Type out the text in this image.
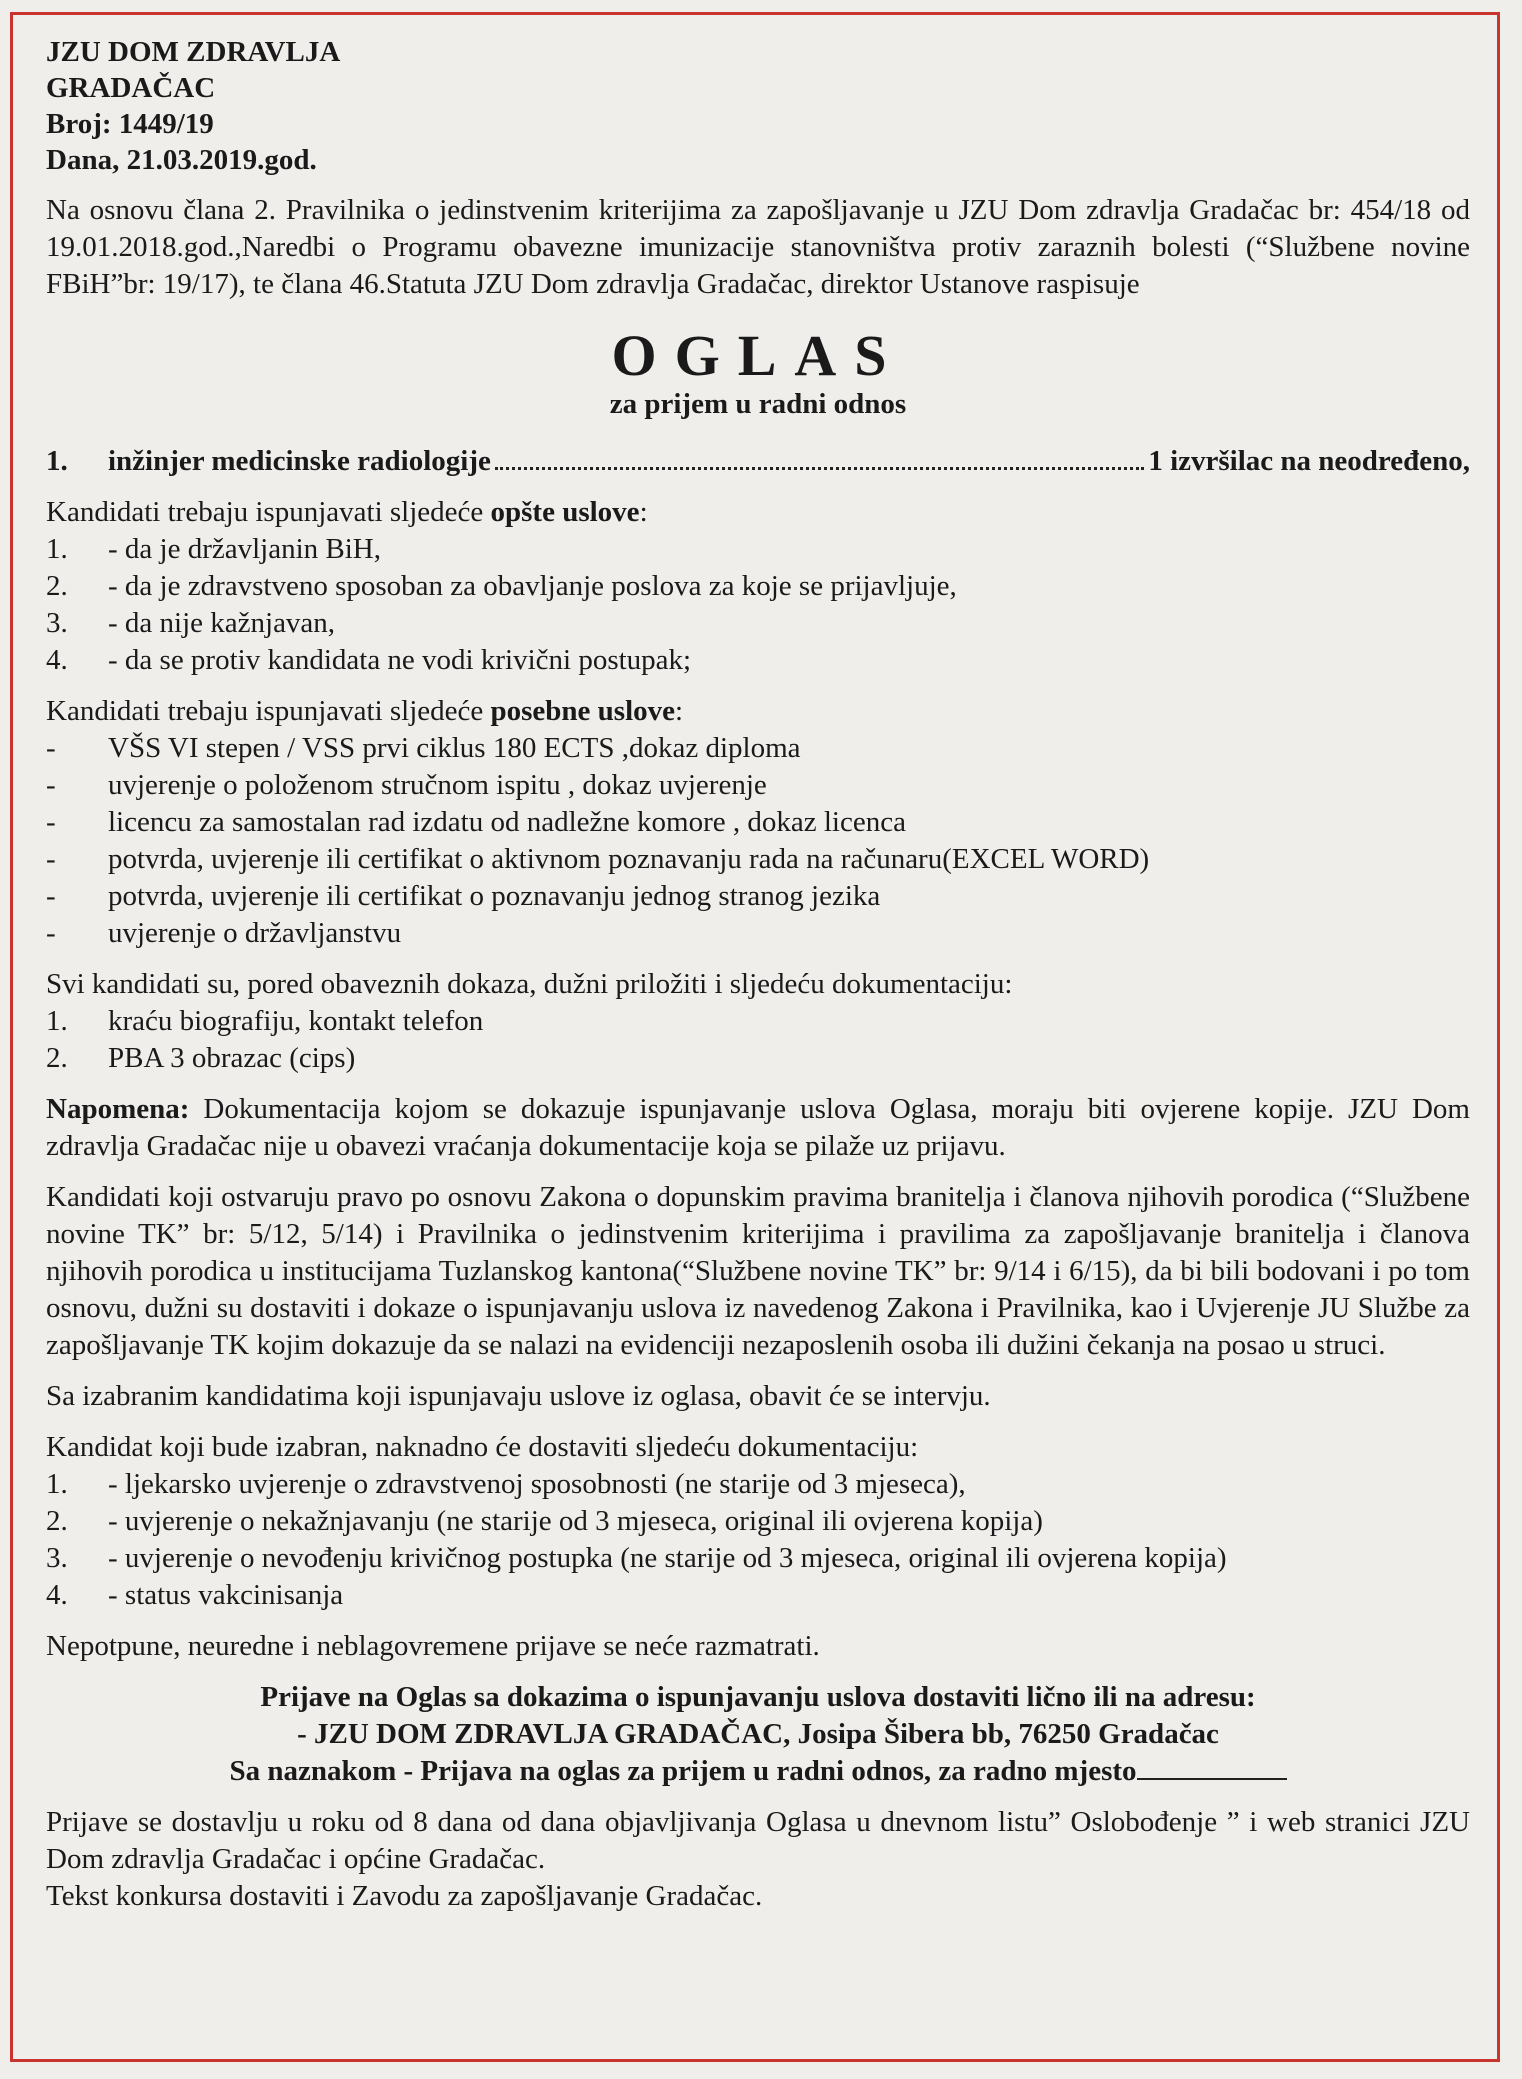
JZU DOM ZDRAVLJA
GRADAČAC
Broj: 1449/19
Dana, 21.03.2019.god.

Na osnovu člana 2. Pravilnika o jedinstvenim kriterijima za zapošljavanje u JZU Dom zdravlja Gradačac br: 454/18 od 19.01.2018.god.,Naredbi o Programu obavezne imunizacije stanovništva protiv zaraznih bolesti (“Službene novine FBiH”br: 19/17), te člana 46.Statuta JZU Dom zdravlja Gradačac, direktor Ustanove raspisuje

OGLAS
za prijem u radni odnos
1.	inžinjer medicinske radiologije	1 izvršilac na neodređeno,

Kandidati trebaju ispunjavati sljedeće opšte uslove:

1.	- da je državljanin BiH,
2.	- da je zdravstveno sposoban za obavljanje poslova za koje se prijavljuje,
3.	- da nije kažnjavan,
4.	- da se protiv kandidata ne vodi krivični postupak;

Kandidati trebaju ispunjavati sljedeće posebne uslove:

-	VŠS VI stepen / VSS prvi ciklus 180 ECTS ,dokaz diploma
-	uvjerenje o položenom stručnom ispitu , dokaz uvjerenje
-	licencu za samostalan rad izdatu od nadležne komore , dokaz licenca
-	potvrda, uvjerenje ili certifikat o aktivnom poznavanju rada na računaru(EXCEL WORD)
-	potvrda, uvjerenje ili certifikat o poznavanju jednog stranog jezika
-	uvjerenje o državljanstvu

Svi kandidati su, pored obaveznih dokaza, dužni priložiti i sljedeću dokumentaciju:

1.	kraću biografiju, kontakt telefon
2.	PBA 3 obrazac (cips)

Napomena: Dokumentacija kojom se dokazuje ispunjavanje uslova Oglasa, moraju biti ovjerene kopije. JZU Dom zdravlja Gradačac nije u obavezi vraćanja dokumentacije koja se pilaže uz prijavu.

Kandidati koji ostvaruju pravo po osnovu Zakona o dopunskim pravima branitelja i članova njihovih porodica (“Službene novine TK” br: 5/12, 5/14) i Pravilnika o jedinstvenim kriterijima i pravilima za zapošljavanje branitelja i članova njihovih porodica u institucijama Tuzlanskog kantona(“Službene novine TK” br: 9/14 i 6/15), da bi bili bodovani i po tom osnovu, dužni su dostaviti i dokaze o ispunjavanju uslova iz navedenog Zakona i Pravilnika, kao i Uvjerenje JU Službe za zapošljavanje TK kojim dokazuje da se nalazi na evidenciji nezaposlenih osoba ili dužini čekanja na posao u struci.

Sa izabranim kandidatima koji ispunjavaju uslove iz oglasa, obavit će se intervju.

Kandidat koji bude izabran, naknadno će dostaviti sljedeću dokumentaciju:

1.	- ljekarsko uvjerenje o zdravstvenoj sposobnosti (ne starije od 3 mjeseca),
2.	- uvjerenje o nekažnjavanju (ne starije od 3 mjeseca, original ili ovjerena kopija)
3.	- uvjerenje o nevođenju krivičnog postupka (ne starije od 3 mjeseca, original ili ovjerena kopija)
4.	- status vakcinisanja

Nepotpune, neuredne i neblagovremene prijave se neće razmatrati.

Prijave na Oglas sa dokazima o ispunjavanju uslova dostaviti lično ili na adresu:
- JZU DOM ZDRAVLJA GRADAČAC, Josipa Šibera bb, 76250 Gradačac
Sa naznakom - Prijava na oglas za prijem u radni odnos, za radno mjesto

Prijave se dostavlju u roku od 8 dana od dana objavljivanja Oglasa u dnevnom listu” Oslobođenje ” i web stranici JZU Dom zdravlja Gradačac i općine Gradačac.

Tekst konkursa dostaviti i Zavodu za zapošljavanje Gradačac.
